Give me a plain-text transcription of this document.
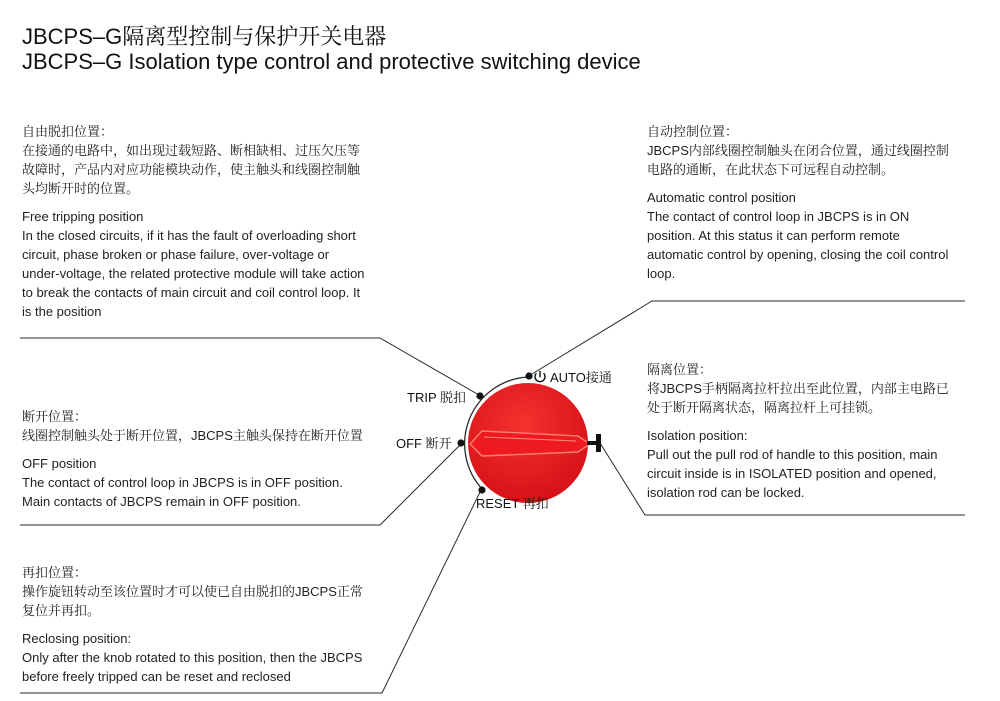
JBCPS–G隔离型控制与保护开关电器
JBCPS–G Isolation type control and protective switching device

自由脱扣位置：

在接通的电路中，如出现过载短路、断相缺相、过压欠压等

故障时，产品内对应功能模块动作，使主触头和线圈控制触

头均断开时的位置。

Free tripping position

In the closed circuits, if it has the fault of overloading short

circuit, phase broken or phase failure, over-voltage or

under-voltage, the related protective module will take action

to break the contacts of main circuit and coil control loop. It

is the position

断开位置：

线圈控制触头处于断开位置，JBCPS主触头保持在断开位置

OFF position

The contact of control loop in JBCPS is in OFF position.

Main contacts of JBCPS remain in OFF position.

再扣位置：

操作旋钮转动至该位置时才可以使已自由脱扣的JBCPS正常

复位并再扣。

Reclosing position:

Only after the knob rotated to this position, then the JBCPS

before freely tripped can be reset and reclosed

自动控制位置：

JBCPS内部线圈控制触头在闭合位置，通过线圈控制

电路的通断，在此状态下可远程自动控制。

Automatic control position

The contact of control loop in JBCPS is in ON

position. At this status it can perform remote

automatic control by opening, closing the coil control

loop.

隔离位置：

将JBCPS手柄隔离拉杆拉出至此位置，内部主电路已

处于断开隔离状态，隔离拉杆上可挂锁。

Isolation position:

Pull out the pull rod of handle to this position, main

circuit inside is in ISOLATED position and opened,

isolation rod can be locked.

AUTO接通
TRIP 脱扣
OFF 断开
RESET 再扣
